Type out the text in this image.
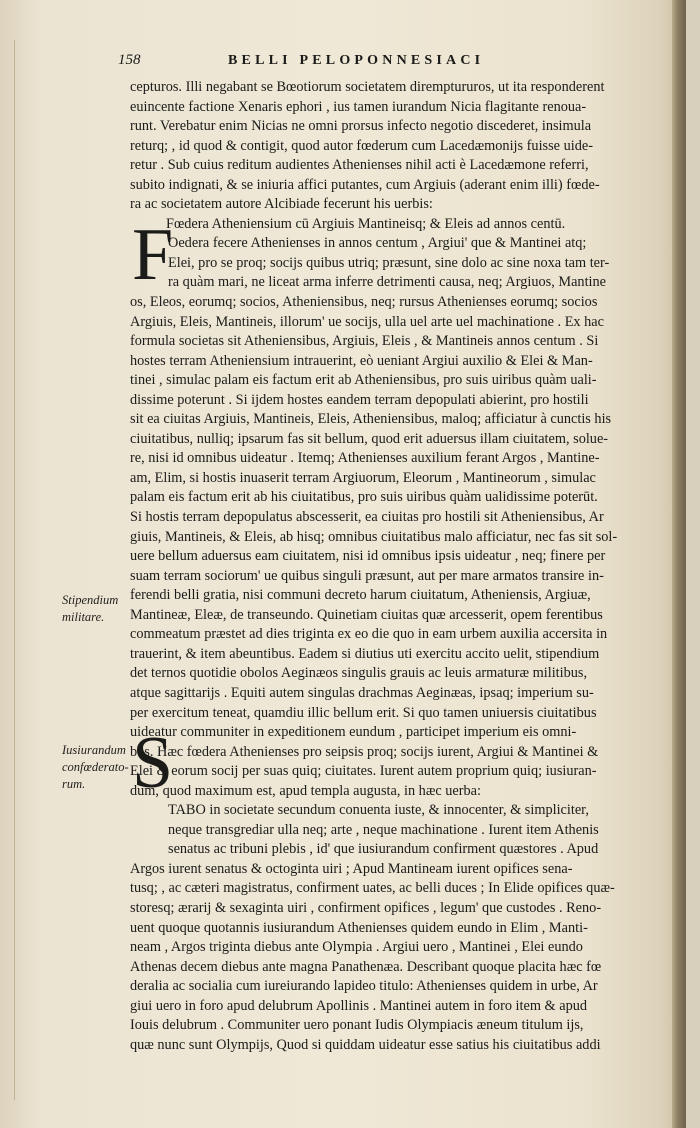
158	BELLI PELOPONNESIACI
Stipendium
militare.
Iusiurandum
confœderato-
rum.
F
S
cepturos. Illi negabant se Bœotiorum societatem diremptururos, ut ita responderent
euincente factione Xenaris ephori , ius tamen iurandum Nicia flagitante renoua-
runt. Verebatur enim Nicias ne omni prorsus infecto negotio discederet, insimula
returq; , id quod & contigit, quod autor fœderum cum Lacedæmonijs fuisse uide-
retur . Sub cuius reditum audientes Athenienses nihil acti è Lacedæmone referri,
subito indignati, & se iniuria affici putantes, cum Argiuis (aderant enim illi) fœde-
ra ac societatem autore Alcibiade fecerunt his uerbis:
Fœdera Atheniensium cū Argiuis Mantineisq; & Eleis ad annos centū.
Oedera fecere Athenienses in annos centum , Argiui' que & Mantinei atq;
Elei, pro se proq; socijs quibus utriq; præsunt, sine dolo ac sine noxa tam ter-
ra quàm mari, ne liceat arma inferre detrimenti causa, neq; Argiuos, Mantine
os, Eleos, eorumq; socios, Atheniensibus, neq; rursus Athenienses eorumq; socios
Argiuis, Eleis, Mantineis, illorum' ue socijs, ulla uel arte uel machinatione . Ex hac
formula societas sit Atheniensibus, Argiuis, Eleis , & Mantineis annos centum . Si
hostes terram Atheniensium intrauerint, eò ueniant Argiui auxilio & Elei & Man-
tinei , simulac palam eis factum erit ab Atheniensibus, pro suis uiribus quàm uali-
dissime poterunt . Si ijdem hostes eandem terram depopulati abierint, pro hostili
sit ea ciuitas Argiuis, Mantineis, Eleis, Atheniensibus, maloq; afficiatur à cunctis his
ciuitatibus, nulliq; ipsarum fas sit bellum, quod erit aduersus illam ciuitatem, solue-
re, nisi id omnibus uideatur . Itemq; Athenienses auxilium ferant Argos , Mantine-
am, Elim, si hostis inuaserit terram Argiuorum, Eleorum , Mantineorum , simulac
palam eis factum erit ab his ciuitatibus, pro suis uiribus quàm ualidissime poterūt.
Si hostis terram depopulatus abscesserit, ea ciuitas pro hostili sit Atheniensibus, Ar
giuis, Mantineis, & Eleis, ab hisq; omnibus ciuitatibus malo afficiatur, nec fas sit sol-
uere bellum aduersus eam ciuitatem, nisi id omnibus ipsis uideatur , neq; finere per
suam terram sociorum' ue quibus singuli præsunt, aut per mare armatos transire in-
ferendi belli gratia, nisi communi decreto harum ciuitatum, Atheniensis, Argiuæ,
Mantineæ, Eleæ, de transeundo. Quinetiam ciuitas quæ arcesserit, opem ferentibus
commeatum præstet ad dies triginta ex eo die quo in eam urbem auxilia accersita in
trauerint, & item abeuntibus. Eadem si diutius uti exercitu accito uelit, stipendium
det ternos quotidie obolos Aeginæos singulis grauis ac leuis armaturæ militibus,
atque sagittarijs . Equiti autem singulas drachmas Aeginæas, ipsaq; imperium su-
per exercitum teneat, quamdiu illic bellum erit. Si quo tamen uniuersis ciuitatibus
uideatur communiter in expeditionem eundum , participet imperium eis omni-
bus. Hæc fœdera Athenienses pro seipsis proq; socijs iurent, Argiui & Mantinei &
Elei & eorum socij per suas quiq; ciuitates. Iurent autem proprium quiq; iusiuran-
dum, quod maximum est, apud templa augusta, in hæc uerba:
TABO in societate secundum conuenta iuste, & innocenter, & simpliciter,
neque transgrediar ulla neq; arte , neque machinatione . Iurent item Athenis
senatus ac tribuni plebis , id' que iusiurandum confirment quæstores . Apud
Argos iurent senatus & octoginta uiri ; Apud Mantineam iurent opifices sena-
tusq; , ac cæteri magistratus, confirment uates, ac belli duces ; In Elide opifices quæ-
storesq; ærarij & sexaginta uiri , confirment opifices , legum' que custodes . Reno-
uent quoque quotannis iusiurandum Athenienses quidem eundo in Elim , Manti-
neam , Argos triginta diebus ante Olympia . Argiui uero , Mantinei , Elei eundo
Athenas decem diebus ante magna Panathenæa. Describant quoque placita hæc fœ
deralia ac socialia cum iureiurando lapideo titulo: Athenienses quidem in urbe, Ar
giui uero in foro apud delubrum Apollinis . Mantinei autem in foro item & apud
Iouis delubrum . Communiter uero ponant Iudis Olympiacis æneum titulum ijs,
quæ nunc sunt Olympijs, Quod si quiddam uideatur esse satius his ciuitatibus addi
